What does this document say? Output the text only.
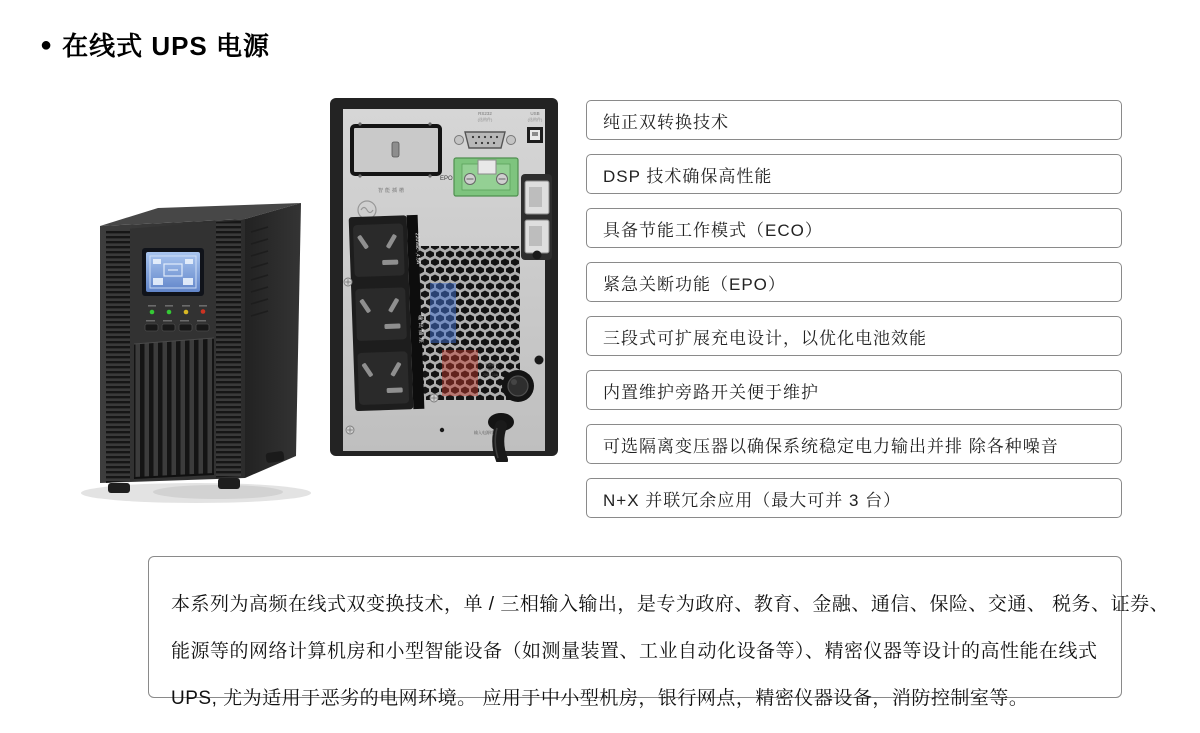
● 在线式 UPS 电源
智能插槽
RS232
(选购件)
USB
(选购件)
EPO
220Vac~,4.5A
输出插座
交流输入
过载保护
250V 10A
输入电源线
纯正双转换技术
DSP 技术确保高性能
具备节能工作模式（ECO）
紧急关断功能（EPO）
三段式可扩展充电设计，以优化电池效能
内置维护旁路开关便于维护
可选隔离变压器以确保系统稳定电力输出并排 除各种噪音
N+X 并联冗余应用（最大可并 3 台）

本系列为高频在线式双变换技术，单 / 三相输入输出，是专为政府、教育、金融、通信、保险、交通、 税务、证券、

能源等的网络计算机房和小型智能设备（如测量装置、工业自动化设备等）、精密仪器等设计的高性能在线式

UPS, 尤为适用于恶劣的电网环境。 应用于中小型机房，银行网点，精密仪器设备，消防控制室等。
